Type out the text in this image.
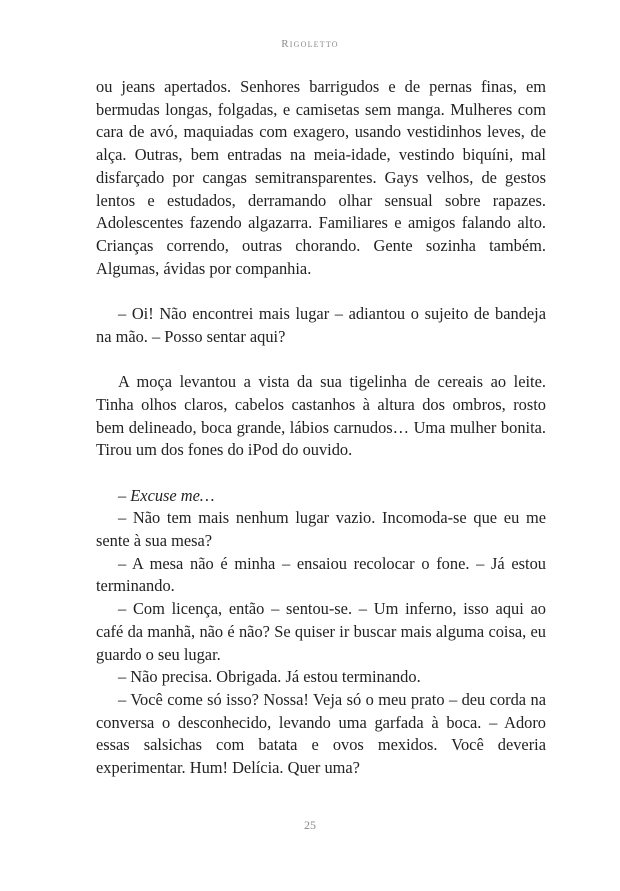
Rigoletto

ou jeans apertados. Senhores barrigudos e de pernas finas, em bermudas longas, folgadas, e camisetas sem manga. Mulheres com cara de avó, maquiadas com exagero, usando vestidinhos leves, de alça. Outras, bem entradas na meia-idade, vestindo biquíni, mal disfarçado por cangas semitransparentes. Gays velhos, de gestos lentos e estudados, derramando olhar sensual sobre rapazes. Adolescentes fazendo algazarra. Familiares e amigos falando alto. Crianças correndo, outras chorando. Gente sozinha também. Algumas, ávidas por companhia.

– Oi! Não encontrei mais lugar – adiantou o sujeito de bandeja na mão. – Posso sentar aqui?

A moça levantou a vista da sua tigelinha de cereais ao leite. Tinha olhos claros, cabelos castanhos à altura dos ombros, rosto bem delineado, boca grande, lábios carnudos… Uma mulher bonita. Tirou um dos fones do iPod do ouvido.

– Excuse me…

– Não tem mais nenhum lugar vazio. Incomoda-se que eu me sente à sua mesa?

– A mesa não é minha – ensaiou recolocar o fone. – Já estou terminando.

– Com licença, então – sentou-se. – Um inferno, isso aqui ao café da manhã, não é não? Se quiser ir buscar mais alguma coisa, eu guardo o seu lugar.

– Não precisa. Obrigada. Já estou terminando.

– Você come só isso? Nossa! Veja só o meu prato – deu corda na conversa o desconhecido, levando uma garfada à boca. – Adoro essas salsichas com batata e ovos mexidos. Você deveria experimentar. Hum! Delícia. Quer uma?

25
